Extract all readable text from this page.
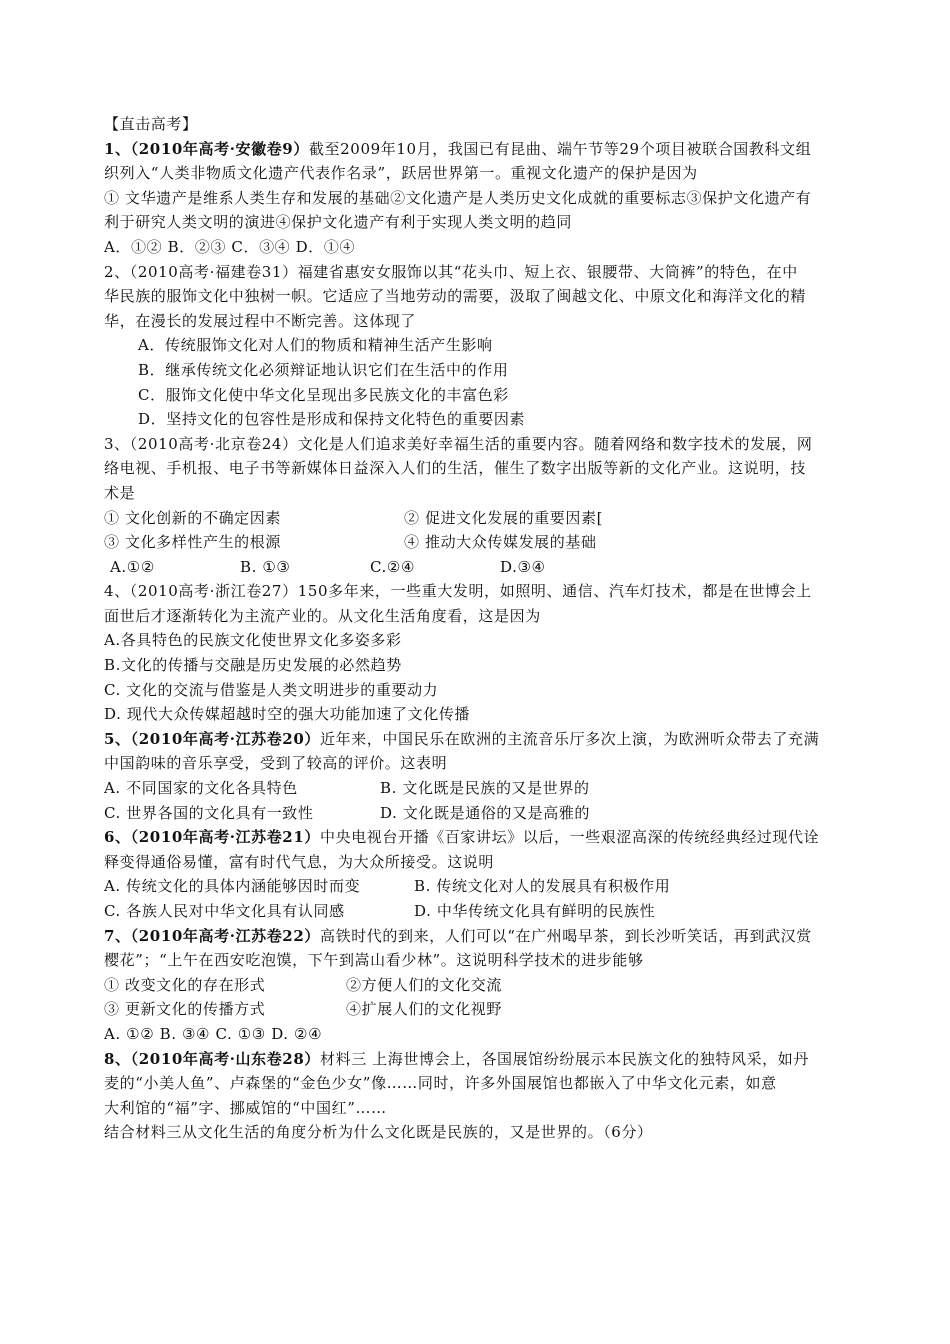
【直击高考】
1、（2010年高考·安徽卷9）截至2009年10月，我国已有昆曲、端午节等29个项目被联合国教科文组
织列入“人类非物质文化遗产代表作名录”，跃居世界第一。重视文化遗产的保护是因为
① 文华遗产是维系人类生存和发展的基础②文化遗产是人类历史文化成就的重要标志③保护文化遗产有
利于研究人类文明的演进④保护文化遗产有利于实现人类文明的趋同
A．①② B．②③ C．③④ D．①④
2、（2010高考·福建卷31）福建省惠安女服饰以其“花头巾、短上衣、银腰带、大筒裤”的特色，在中
华民族的服饰文化中独树一帜。它适应了当地劳动的需要，汲取了闽越文化、中原文化和海洋文化的精
华，在漫长的发展过程中不断完善。这体现了
A．传统服饰文化对人们的物质和精神生活产生影响
B．继承传统文化必须辩证地认识它们在生活中的作用
C．服饰文化使中华文化呈现出多民族文化的丰富色彩
D．坚持文化的包容性是形成和保持文化特色的重要因素
3、（2010高考·北京卷24）文化是人们追求美好幸福生活的重要内容。随着网络和数字技术的发展，网
络电视、手机报、电子书等新媒体日益深入人们的生活，催生了数字出版等新的文化产业。这说明，技
术是
① 文化创新的不确定因素	② 促进文化发展的重要因素[
③ 文化多样性产生的根源	④ 推动大众传媒发展的基础
A.①②	B. ①③	C.②④	D.③④
4、（2010高考·浙江卷27）150多年来，一些重大发明，如照明、通信、汽车灯技术，都是在世博会上
面世后才逐渐转化为主流产业的。从文化生活角度看，这是因为
A.各具特色的民族文化使世界文化多姿多彩
B.文化的传播与交融是历史发展的必然趋势
C. 文化的交流与借鉴是人类文明进步的重要动力
D. 现代大众传媒超越时空的强大功能加速了文化传播
5、（2010年高考·江苏卷20）近年来，中国民乐在欧洲的主流音乐厅多次上演，为欧洲听众带去了充满
中国韵味的音乐享受，受到了较高的评价。这表明
A. 不同国家的文化各具特色	B. 文化既是民族的又是世界的
C. 世界各国的文化具有一致性	D. 文化既是通俗的又是高雅的
6、（2010年高考·江苏卷21）中央电视台开播《百家讲坛》以后，一些艰涩高深的传统经典经过现代诠
释变得通俗易懂，富有时代气息，为大众所接受。这说明
A. 传统文化的具体内涵能够因时而变	B. 传统文化对人的发展具有积极作用
C. 各族人民对中华文化具有认同感	D. 中华传统文化具有鲜明的民族性
7、（2010年高考·江苏卷22）高铁时代的到来，人们可以“在广州喝早茶，到长沙听笑话，再到武汉赏
樱花”；“上午在西安吃泡馍，下午到嵩山看少林”。这说明科学技术的进步能够
① 改变文化的存在形式	②方便人们的文化交流
③ 更新文化的传播方式	④扩展人们的文化视野
A. ①② B. ③④ C. ①③ D. ②④
8、（2010年高考·山东卷28）材料三 上海世博会上，各国展馆纷纷展示本民族文化的独特风采，如丹
麦的“小美人鱼”、卢森堡的“金色少女”像……同时，许多外国展馆也都嵌入了中华文化元素，如意
大利馆的“福”字、挪威馆的“中国红”……
结合材料三从文化生活的角度分析为什么文化既是民族的，又是世界的。（6分）
